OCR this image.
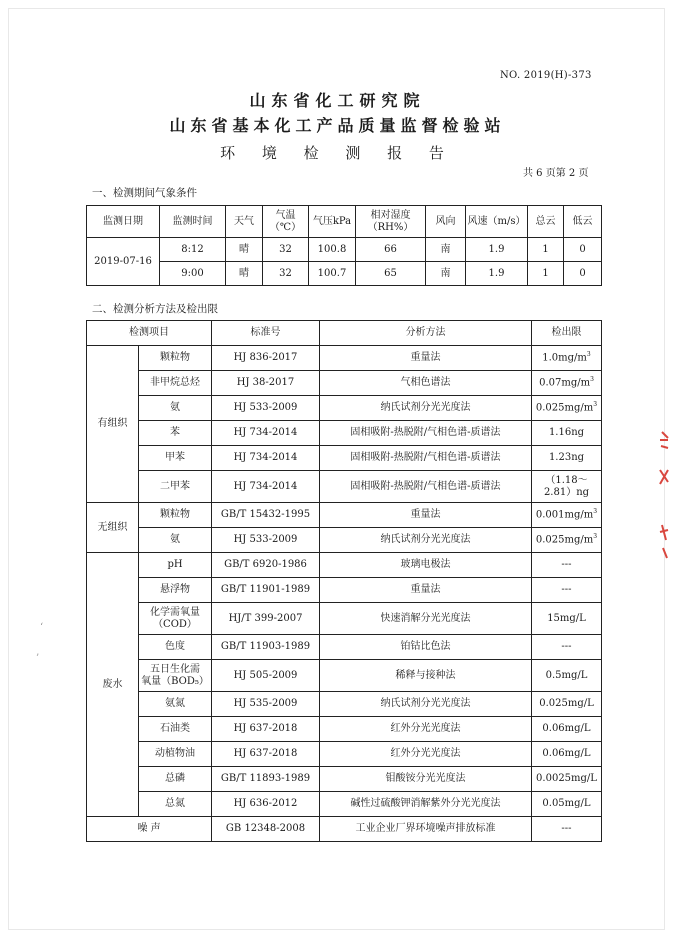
NO. 2019(H)-373
山东省化工研究院
山东省基本化工产品质量监督检验站
环 境 检 测 报 告
共 6 页第 2 页
一、检测期间气象条件
监测日期	监测时间	天气	气温（℃）	气压kPa	相对湿度（RH%）	风向	风速（m/s）	总云	低云
2019-07-16	8:12	晴	32	100.8	66	南	1.9	1	0
	9:00	晴	32	100.7	65	南	1.9	1	0
二、检测分析方法及检出限
检测项目		标准号	分析方法	检出限
有组织	颗粒物	HJ 836-2017	重量法	$1.0mg/m^3$
	非甲烷总烃	HJ 38-2017	气相色谱法	$0.07mg/m^3$
	氨	HJ 533-2009	纳氏试剂分光光度法	$0.025mg/m^3$
	苯	HJ 734-2014	固相吸附-热脱附/气相色谱-质谱法	1.16ng
	甲苯	HJ 734-2014	固相吸附-热脱附/气相色谱-质谱法	1.23ng
	二甲苯	HJ 734-2014	固相吸附-热脱附/气相色谱-质谱法	（1.18～
2.81）ng

无组织	颗粒物	GB/T 15432-1995	重量法	$0.001mg/m^3$
	氨	HJ 533-2009	纳氏试剂分光光度法	$0.025mg/m^3$
废水	pH	GB/T 6920-1986	玻璃电极法	---
	悬浮物	GB/T 11901-1989	重量法	---

	化学需氧量
（COD）	HJ/T 399-2007	快速消解分光光度法	15mg/L
	色度	GB/T 11903-1989	铂钴比色法	---

	五日生化需
氧量（BOD₅）	HJ 505-2009	稀释与接种法	0.5mg/L
	氨氮	HJ 535-2009	纳氏试剂分光光度法	0.025mg/L
	石油类	HJ 637-2018	红外分光光度法	0.06mg/L
	动植物油	HJ 637-2018	红外分光光度法	0.06mg/L
	总磷	GB/T 11893-1989	钼酸铵分光光度法	0.0025mg/L
	总氮	HJ 636-2012	碱性过硫酸钾消解紫外分光光度法	0.05mg/L
噪 声		GB 12348-2008	工业企业厂界环境噪声排放标准	---
‘
’
